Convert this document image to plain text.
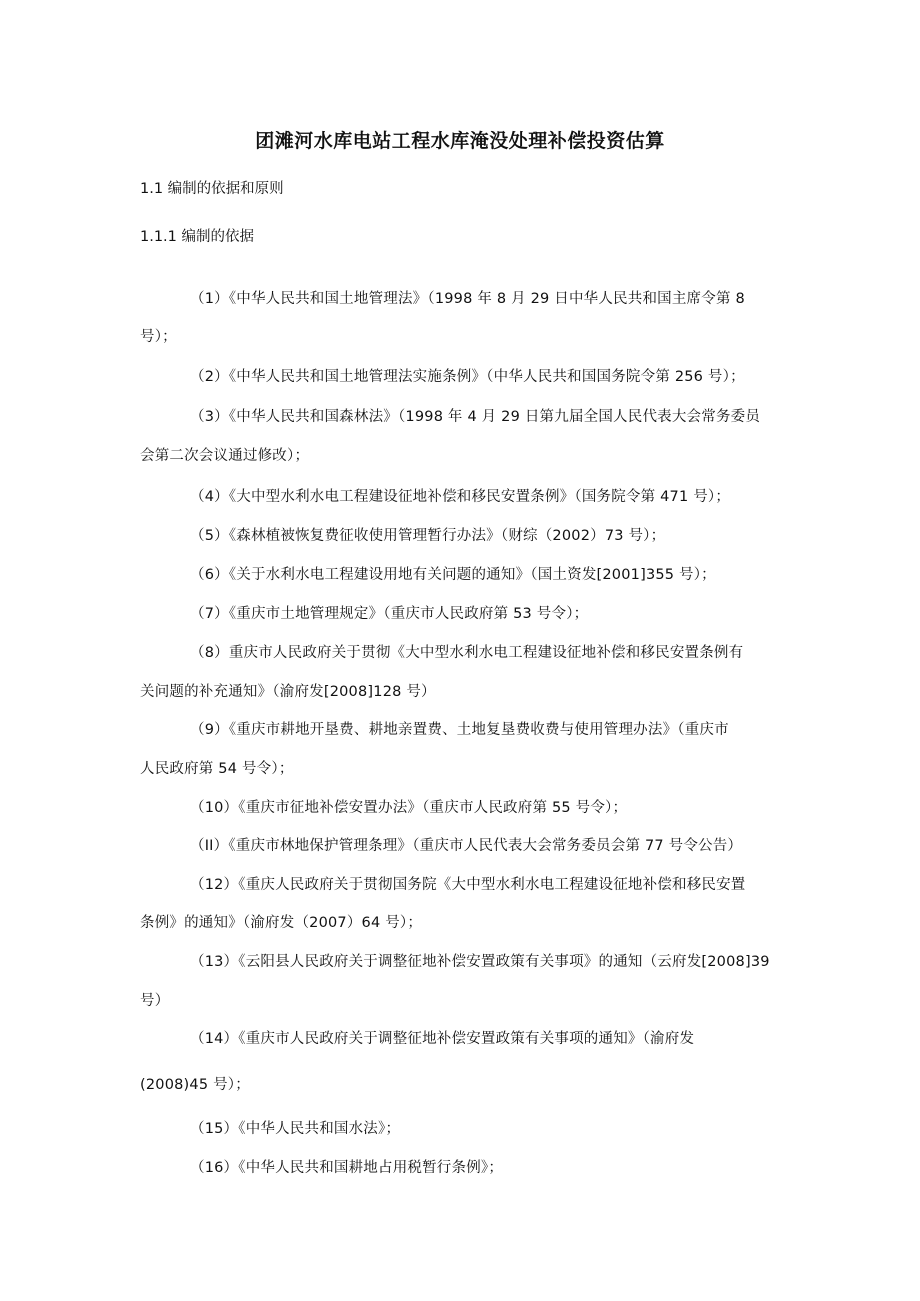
团滩河水库电站工程水库淹没处理补偿投资估算
1.1 编制的依据和原则
1.1.1 编制的依据
（1）《中华人民共和国土地管理法》（1998 年 8 月 29 日中华人民共和国主席令第 8
号）；
（2）《中华人民共和国土地管理法实施条例》（中华人民共和国国务院令第 256 号）；
（3）《中华人民共和国森林法》（1998 年 4 月 29 日第九届全国人民代表大会常务委员
会第二次会议通过修改）；
（4）《大中型水利水电工程建设征地补偿和移民安置条例》（国务院令第 471 号）；
（5）《森林植被恢复费征收使用管理暂行办法》（财综（2002）73 号）；
（6）《关于水利水电工程建设用地有关问题的通知》（国土资发[2001]355 号）；
（7）《重庆市土地管理规定》（重庆市人民政府第 53 号令）；
（8）重庆市人民政府关于贯彻《大中型水利水电工程建设征地补偿和移民安置条例有
关问题的补充通知》（渝府发[2008]128 号）
（9）《重庆市耕地开垦费、耕地亲置费、土地复垦费收费与使用管理办法》（重庆市
人民政府第 54 号令）；
（10）《重庆市征地补偿安置办法》（重庆市人民政府第 55 号令）；
（II）《重庆市林地保护管理条理》（重庆市人民代表大会常务委员会第 77 号令公告）
（12）《重庆人民政府关于贯彻国务院《大中型水利水电工程建设征地补偿和移民安置
条例》的通知》（渝府发（2007）64 号）；
（13）《云阳县人民政府关于调整征地补偿安置政策有关事项》的通知（云府发[2008]39
号）
（14）《重庆市人民政府关于调整征地补偿安置政策有关事项的通知》（渝府发
(2008)45 号）；
（15）《中华人民共和国水法》；
（16）《中华人民共和国耕地占用税暂行条例》；
